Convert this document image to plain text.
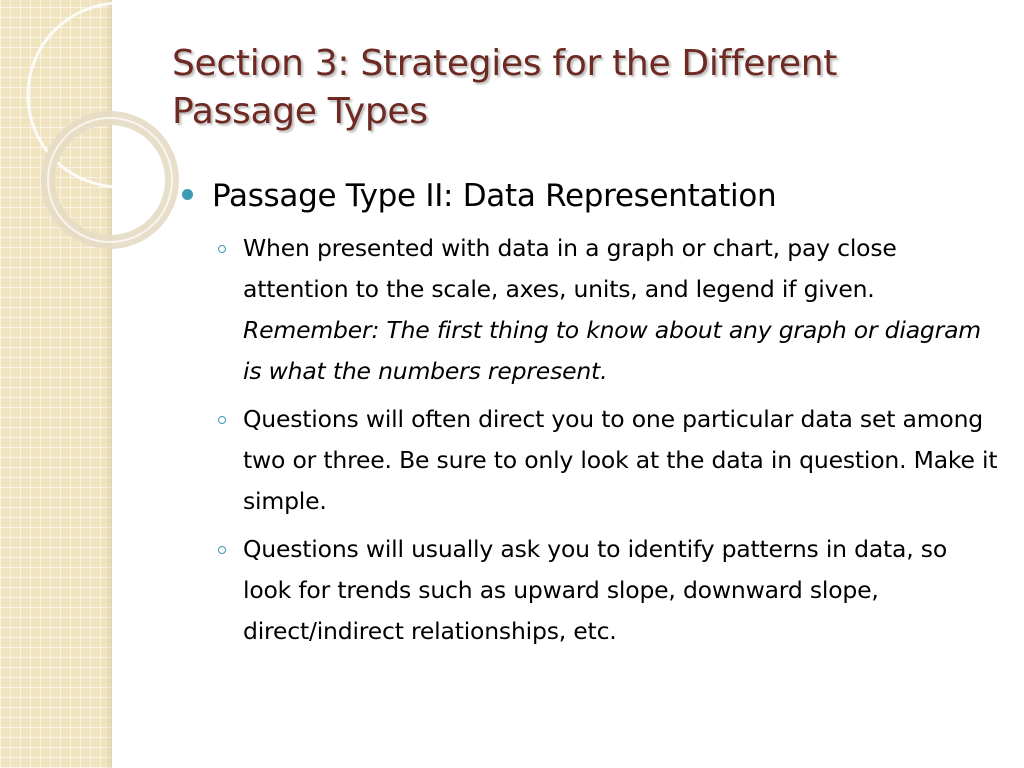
Section 3: Strategies for the Different Passage Types
Passage Type II: Data Representation
When presented with data in a graph or chart, pay close attention to the scale, axes, units, and legend if given. Remember: The first thing to know about any graph or diagram is what the numbers represent.
Questions will often direct you to one particular data set among two or three. Be sure to only look at the data in question. Make it simple.
Questions will usually ask you to identify patterns in data, so look for trends such as upward slope, downward slope, direct/indirect relationships, etc.
